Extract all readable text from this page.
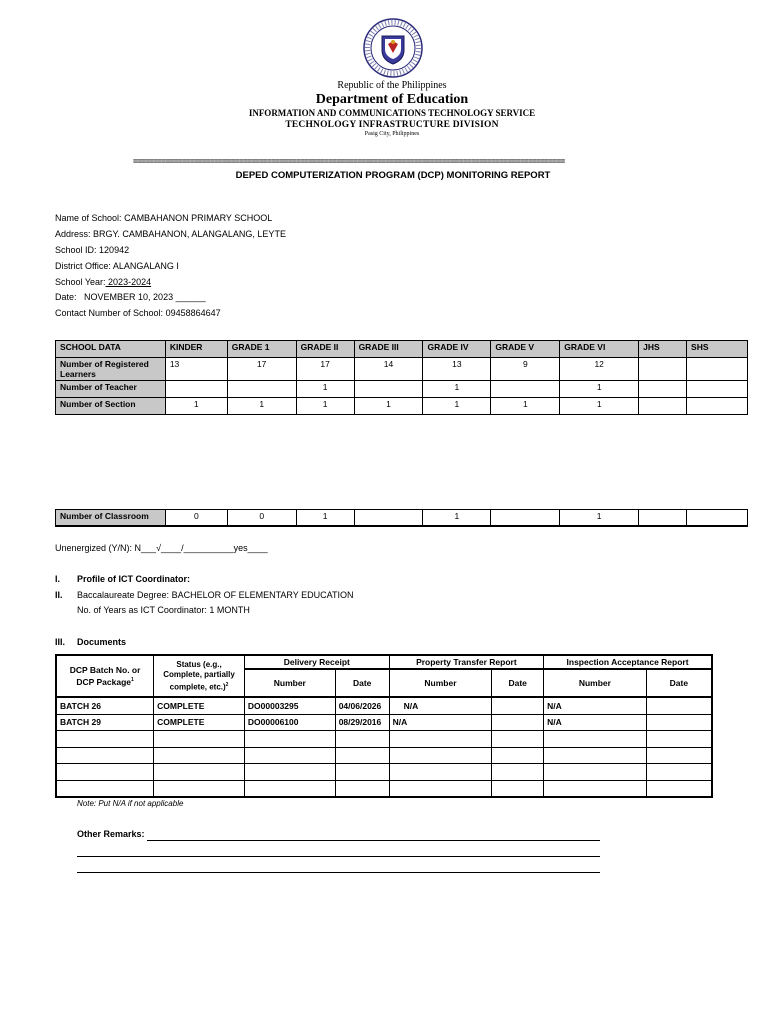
Republic of the Philippines
Department of Education
INFORMATION AND COMMUNICATIONS TECHNOLOGY SERVICE
TECHNOLOGY INFRASTRUCTURE DIVISION
Pasig City, Philippines
==========================================================================================================
DEPED COMPUTERIZATION PROGRAM (DCP) MONITORING REPORT
Name of School: CAMBAHANON PRIMARY SCHOOL
Address: BRGY. CAMBAHANON, ALANGALANG, LEYTE
School ID: 120942
District Office: ALANGALANG I
School Year: 2023-2024
Date: NOVEMBER 10, 2023 ______
Contact Number of School: 09458864647
SCHOOL DATA	KINDER	GRADE 1	GRADE II	GRADE III	GRADE IV	GRADE V	GRADE VI	JHS	SHS
Number of Registered Learners	13	17	17	14	13	9	12		
Number of Teacher			1		1		1		
Number of Section	1	1	1	1	1	1	1		
Number of Classroom	0	0	1		1		1		
Unenergized (Y/N): N___√____/__________yes____
I. Profile of ICT Coordinator:
II. Baccalaureate Degree: BACHELOR OF ELEMENTARY EDUCATION
No. of Years as ICT Coordinator: 1 MONTH
III. Documents
DCP Batch No. or DCP Package$^1$	Status (e.g., Complete, partially complete, etc.)$^2$	Delivery Receipt		Property Transfer Report		Inspection Acceptance Report	
		Number	Date	Number	Date	Number	Date
BATCH 26	COMPLETE	DO00003295	04/06/2026	N/A		N/A	
BATCH 29	COMPLETE	DO00006100	08/29/2016	N/A		N/A	

Note: Put N/A if not applicable
Other Remarks:
